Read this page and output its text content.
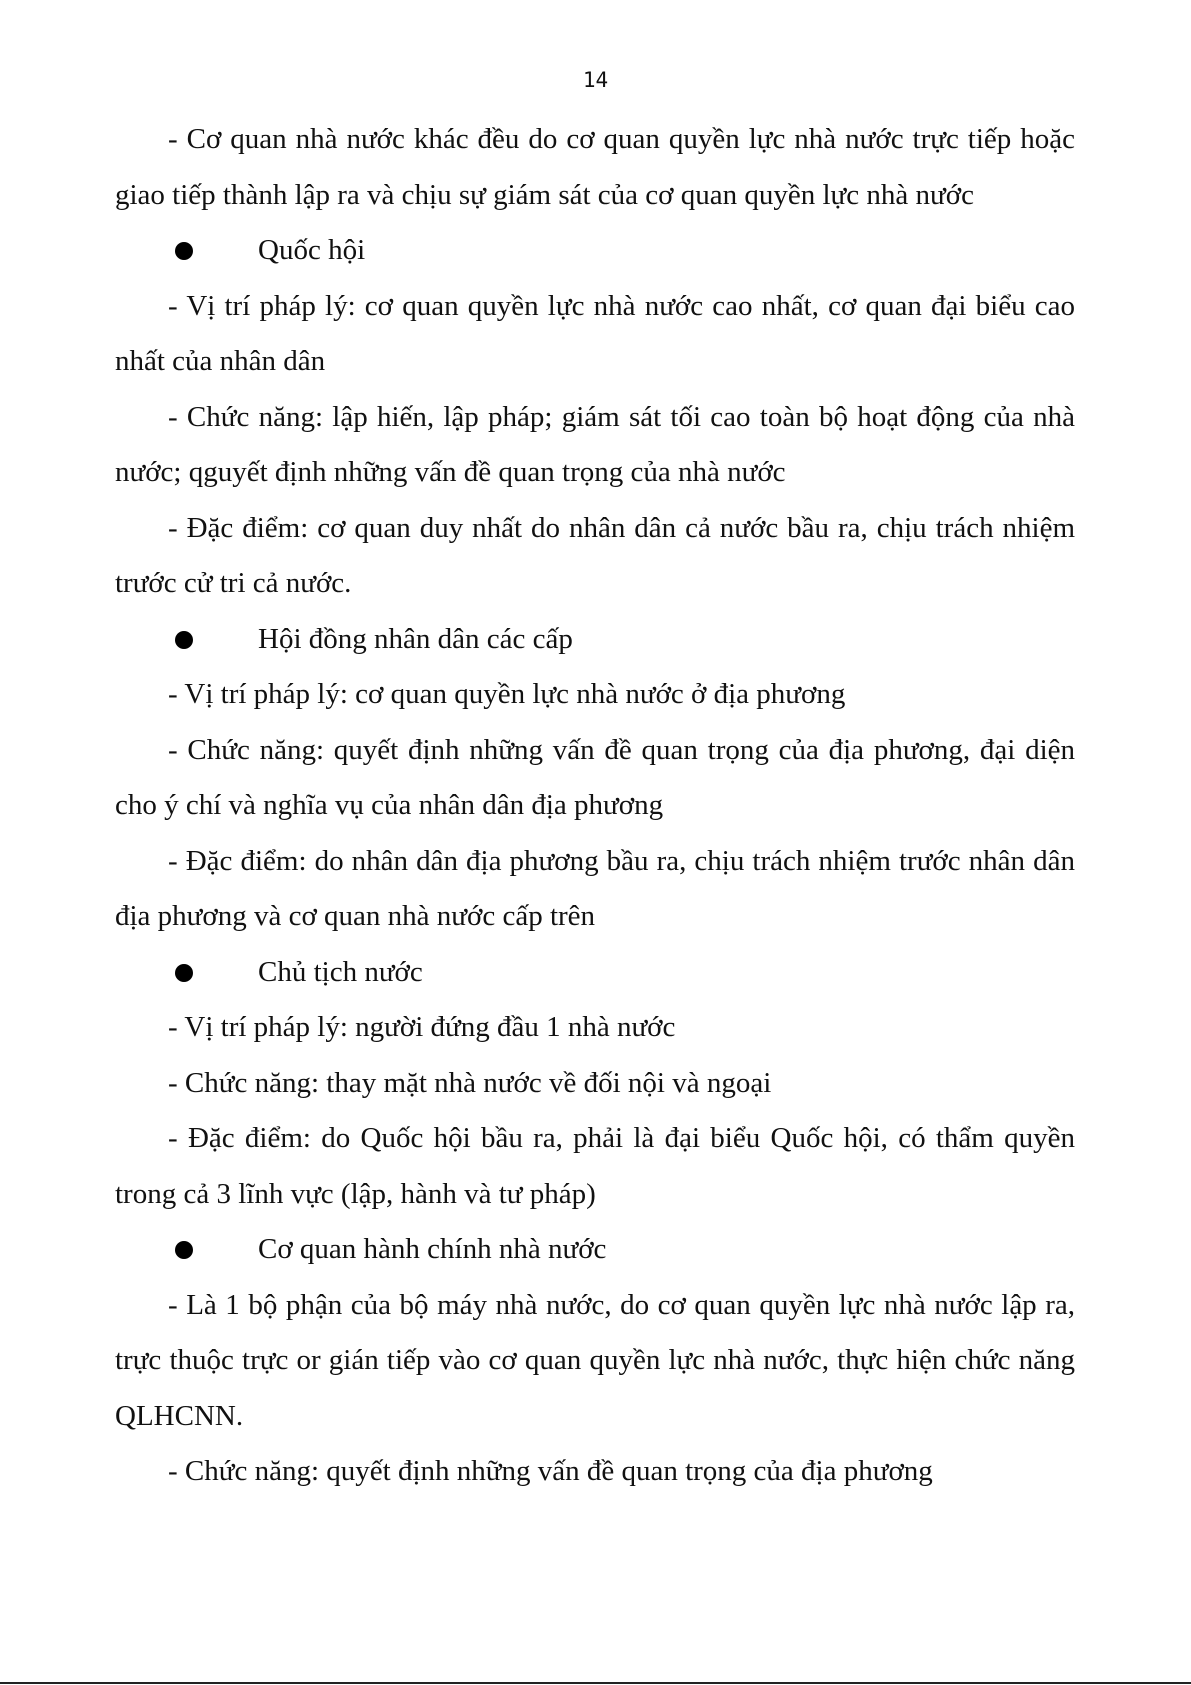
14

- Cơ quan nhà nước khác đều do cơ quan quyền lực nhà nước trực tiếp hoặc giao tiếp thành lập ra và chịu sự giám sát của cơ quan quyền lực nhà nước

Quốc hội

- Vị trí pháp lý: cơ quan quyền lực nhà nước cao nhất, cơ quan đại biểu cao nhất của nhân dân

- Chức năng: lập hiến, lập pháp; giám sát tối cao toàn bộ hoạt động của nhà nước; qguyết định những vấn đề quan trọng của nhà nước

- Đặc điểm: cơ quan duy nhất do nhân dân cả nước bầu ra, chịu trách nhiệm trước cử tri cả nước.

Hội đồng nhân dân các cấp

- Vị trí pháp lý: cơ quan quyền lực nhà nước ở địa phương

- Chức năng: quyết định những vấn đề quan trọng của địa phương, đại diện cho ý chí và nghĩa vụ của nhân dân địa phương

- Đặc điểm: do nhân dân địa phương bầu ra, chịu trách nhiệm trước nhân dân địa phương và cơ quan nhà nước cấp trên

Chủ tịch nước

- Vị trí pháp lý: người đứng đầu 1 nhà nước

- Chức năng: thay mặt nhà nước về đối nội và ngoại

- Đặc điểm: do Quốc hội bầu ra, phải là đại biểu Quốc hội, có thẩm quyền trong cả 3 lĩnh vực (lập, hành và tư pháp)

Cơ quan hành chính nhà nước

- Là 1 bộ phận của bộ máy nhà nước, do cơ quan quyền lực nhà nước lập ra, trực thuộc trực or gián tiếp vào cơ quan quyền lực nhà nước, thực hiện chức năng QLHCNN.

- Chức năng: quyết định những vấn đề quan trọng của địa phương
